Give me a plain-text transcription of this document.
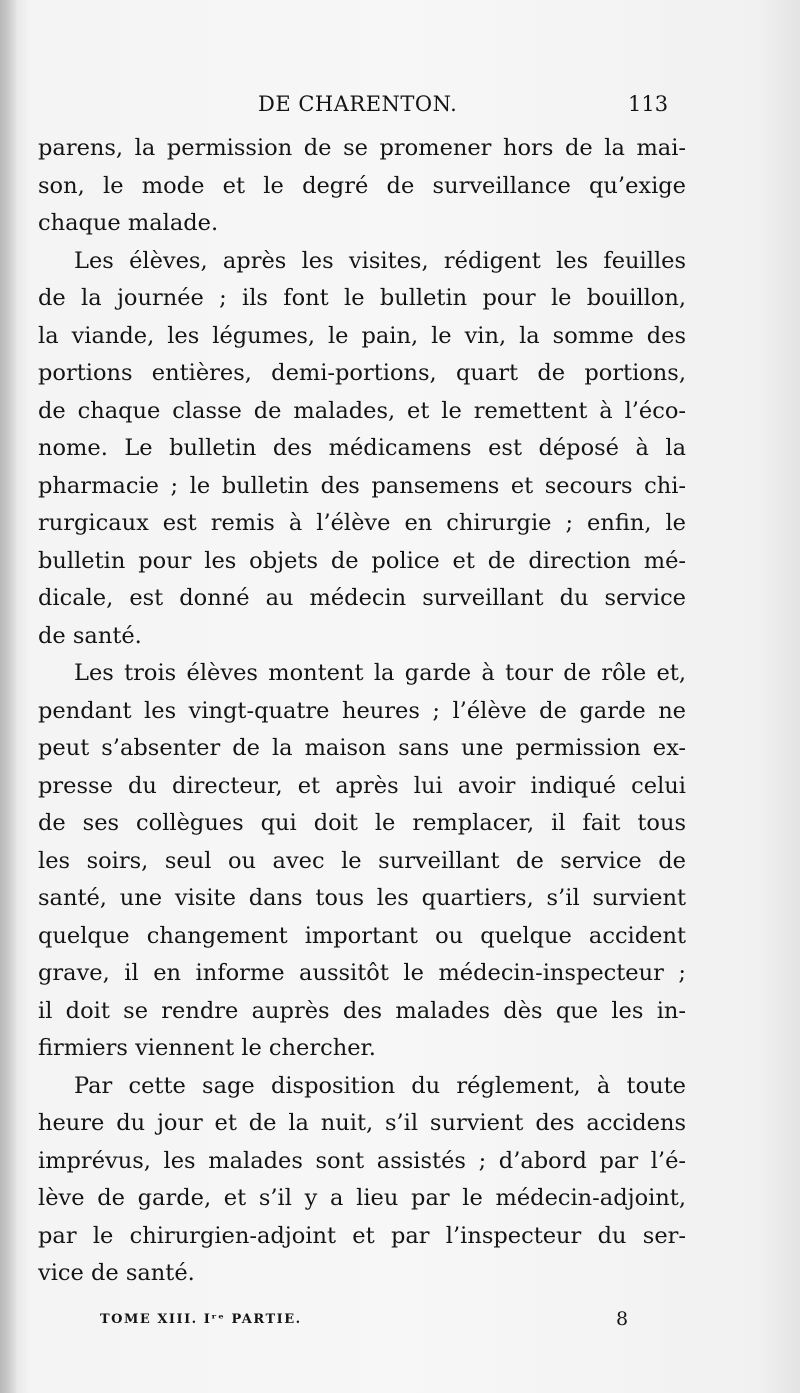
DE CHARENTON.	113
parens, la permission de se promener hors de la mai-
son, le mode et le degré de surveillance qu’exige
chaque malade.
Les élèves, après les visites, rédigent les feuilles
de la journée ; ils font le bulletin pour le bouillon,
la viande, les légumes, le pain, le vin, la somme des
portions entières, demi-portions, quart de portions,
de chaque classe de malades, et le remettent à l’éco-
nome. Le bulletin des médicamens est déposé à la
pharmacie ; le bulletin des pansemens et secours chi-
rurgicaux est remis à l’élève en chirurgie ; enfin, le
bulletin pour les objets de police et de direction mé-
dicale, est donné au médecin surveillant du service
de santé.
Les trois élèves montent la garde à tour de rôle et,
pendant les vingt-quatre heures ; l’élève de garde ne
peut s’absenter de la maison sans une permission ex-
presse du directeur, et après lui avoir indiqué celui
de ses collègues qui doit le remplacer, il fait tous
les soirs, seul ou avec le surveillant de service de
santé, une visite dans tous les quartiers, s’il survient
quelque changement important ou quelque accident
grave, il en informe aussitôt le médecin-inspecteur ;
il doit se rendre auprès des malades dès que les in-
firmiers viennent le chercher.
Par cette sage disposition du réglement, à toute
heure du jour et de la nuit, s’il survient des accidens
imprévus, les malades sont assistés ; d’abord par l’é-
lève de garde, et s’il y a lieu par le médecin-adjoint,
par le chirurgien-adjoint et par l’inspecteur du ser-
vice de santé.
TOME XIII. Iʳᵉ PARTIE.	8
